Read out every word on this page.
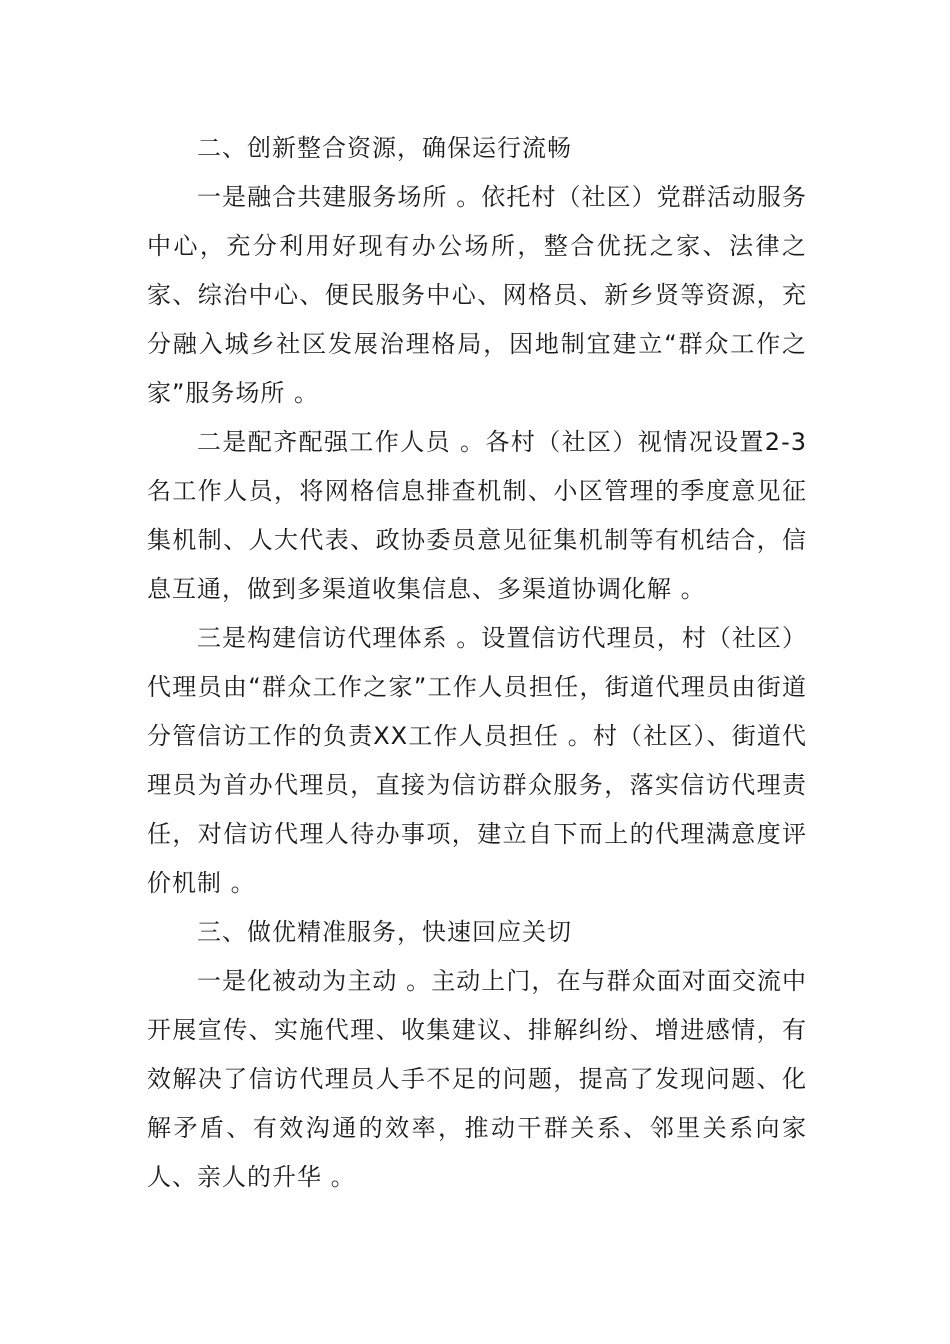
二、创新整合资源，确保运行流畅

一是融合共建服务场所 。依托村（社区）党群活动服务中心，充分利用好现有办公场所，整合优抚之家、法律之家、综治中心、便民服务中心、网格员、新乡贤等资源，充分融入城乡社区发展治理格局，因地制宜建立“群众工作之家”服务场所 。

二是配齐配强工作人员 。各村（社区）视情况设置2-3名工作人员，将网格信息排查机制、小区管理的季度意见征集机制、人大代表、政协委员意见征集机制等有机结合，信息互通，做到多渠道收集信息、多渠道协调化解 。

三是构建信访代理体系 。设置信访代理员，村（社区）代理员由“群众工作之家”工作人员担任，街道代理员由街道分管信访工作的负责XX工作人员担任 。村（社区）、街道代理员为首办代理员，直接为信访群众服务，落实信访代理责任，对信访代理人待办事项，建立自下而上的代理满意度评价机制 。

三、做优精准服务，快速回应关切

一是化被动为主动 。主动上门，在与群众面对面交流中开展宣传、实施代理、收集建议、排解纠纷、增进感情，有效解决了信访代理员人手不足的问题，提高了发现问题、化解矛盾、有效沟通的效率，推动干群关系、邻里关系向家人、亲人的升华 。
